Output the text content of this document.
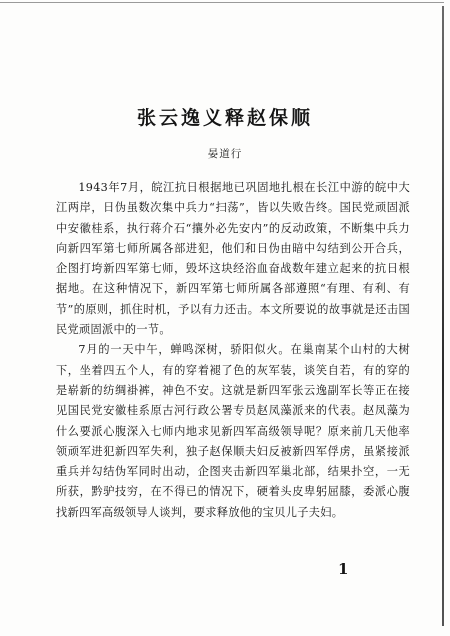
张云逸义释赵保顺

晏道行

1943年7月，皖江抗日根据地已巩固地扎根在长江中游的皖中大江两岸，日伪虽数次集中兵力“扫荡”，皆以失败告终。国民党顽固派中安徽桂系，执行蒋介石“攘外必先安内”的反动政策，不断集中兵力向新四军第七师所属各部进犯，他们和日伪由暗中勾结到公开合兵，企图打垮新四军第七师，毁坏这块经浴血奋战数年建立起来的抗日根据地。在这种情况下，新四军第七师所属各部遵照“有理、有利、有节”的原则，抓住时机，予以有力还击。本文所要说的故事就是还击国民党顽固派中的一节。

7月的一天中午，蝉鸣深树，骄阳似火。在巢南某个山村的大树下，坐着四五个人，有的穿着褪了色的灰军装，谈笑自若，有的穿的是崭新的纺绸褂裤，神色不安。这就是新四军张云逸副军长等正在接见国民党安徽桂系原古河行政公署专员赵凤藻派来的代表。赵凤藻为什么要派心腹深入七师内地求见新四军高级领导呢？原来前几天他率领顽军进犯新四军失利，独子赵保顺夫妇反被新四军俘虏，虽紧接派重兵并勾结伪军同时出动，企图夹击新四军巢北部，结果扑空，一无所获，黔驴技穷，在不得已的情况下，硬着头皮卑躬屈膝，委派心腹找新四军高级领导人谈判，要求释放他的宝贝儿子夫妇。

1
